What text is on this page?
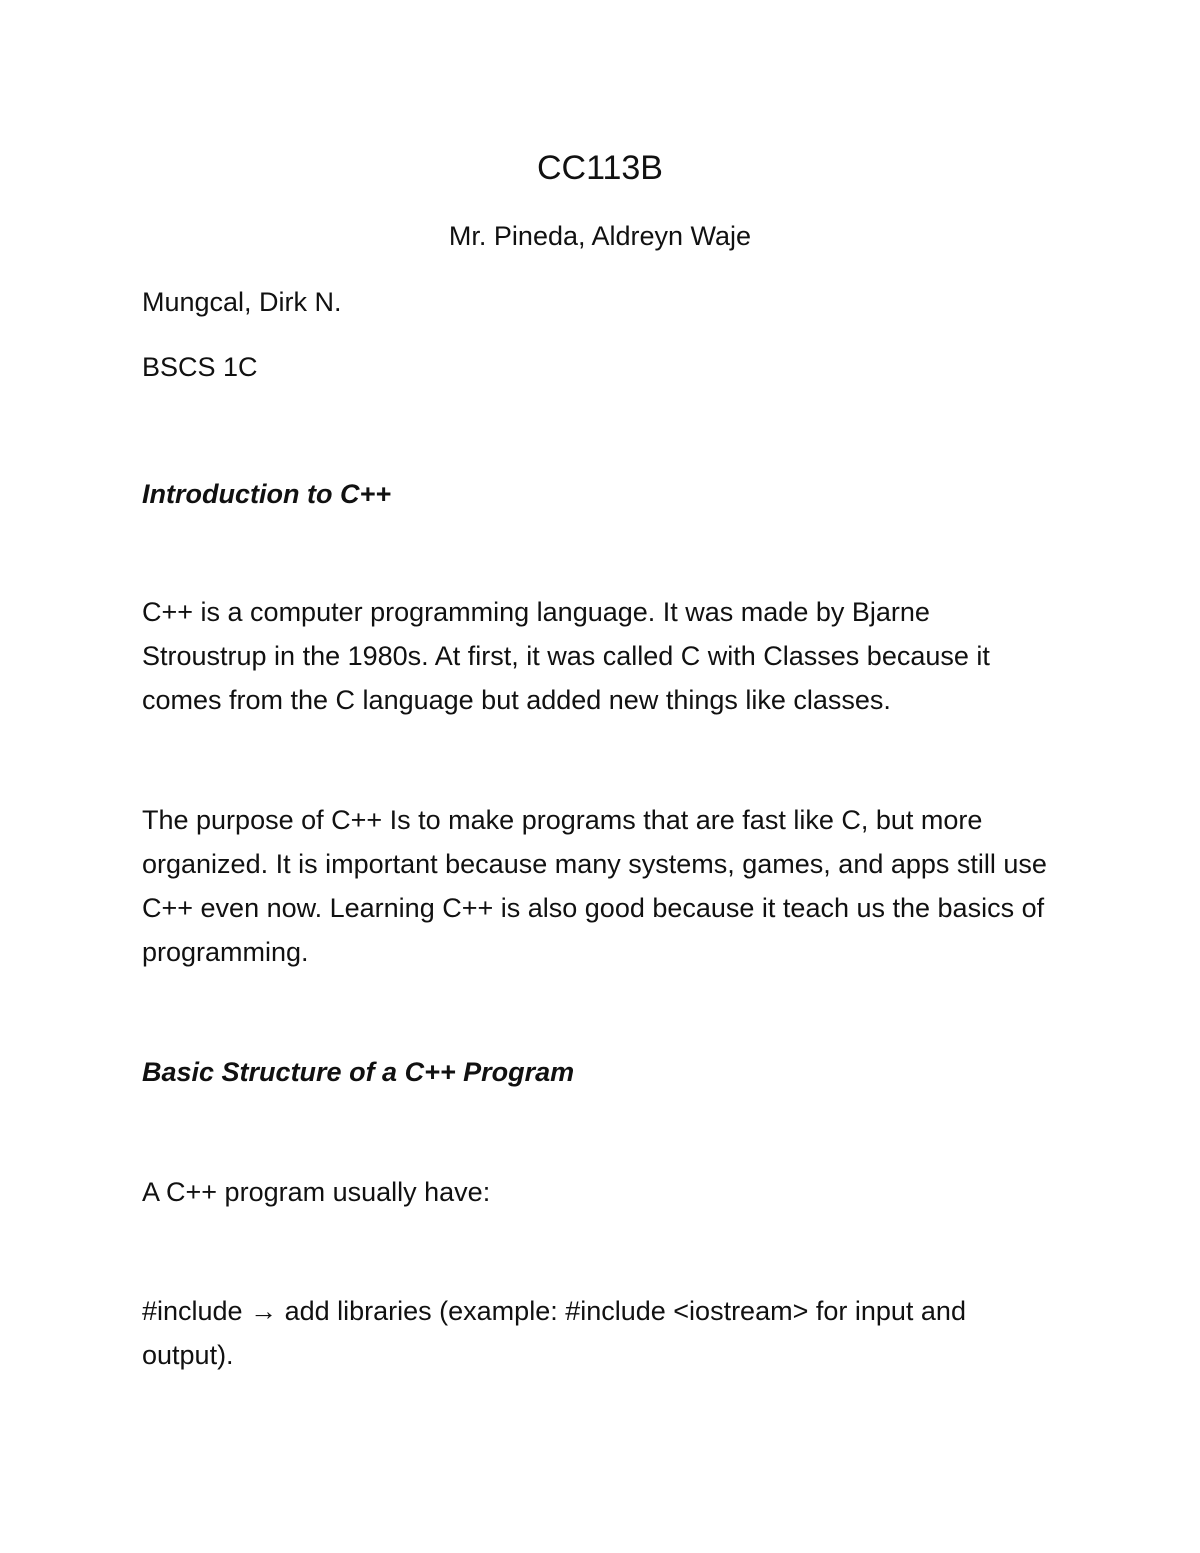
CC113B
Mr. Pineda, Aldreyn Waje
Mungcal, Dirk N.
BSCS 1C
Introduction to C++
C++ is a computer programming language. It was made by Bjarne Stroustrup in the 1980s. At first, it was called C with Classes because it comes from the C language but added new things like classes.
The purpose of C++ Is to make programs that are fast like C, but more organized. It is important because many systems, games, and apps still use C++ even now. Learning C++ is also good because it teach us the basics of programming.
Basic Structure of a C++ Program
A C++ program usually have:
#include → add libraries (example: #include <iostream> for input and output).
